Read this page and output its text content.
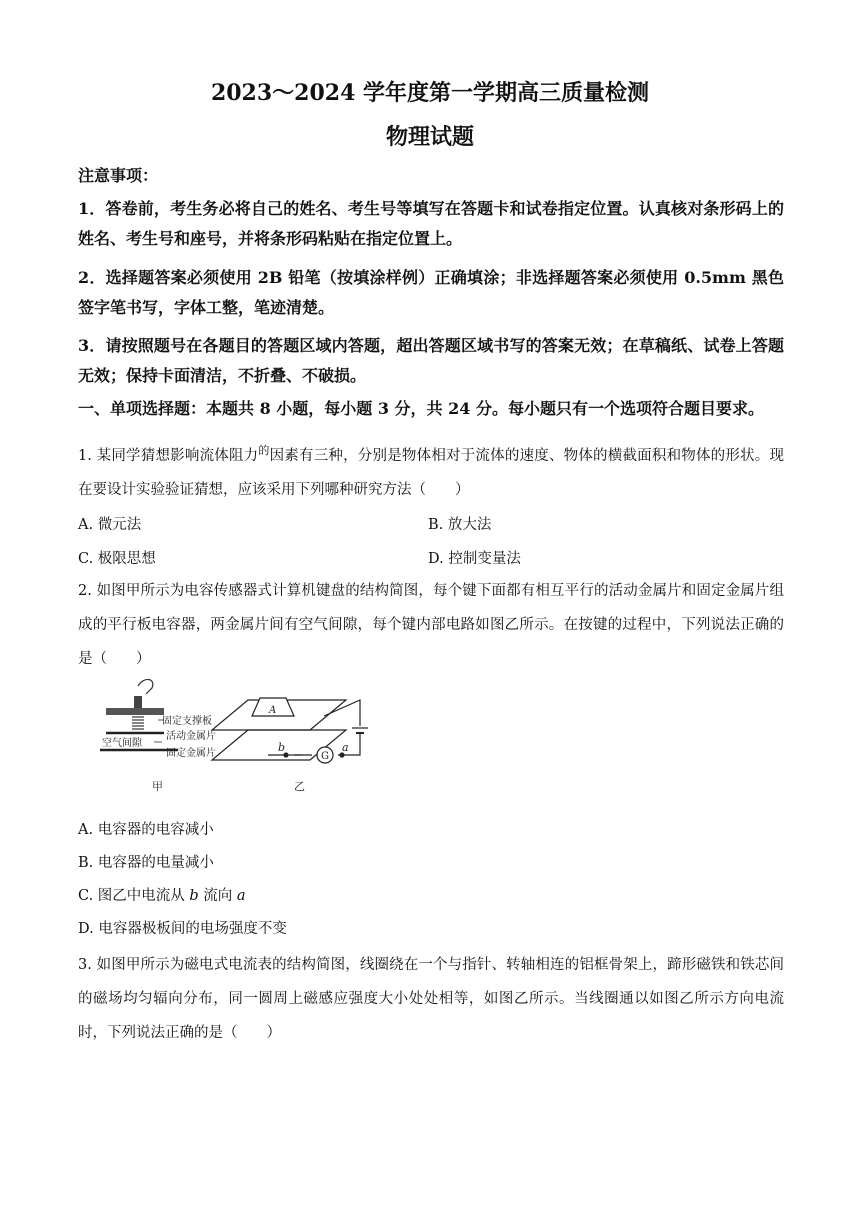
2023～2024 学年度第一学期高三质量检测
物理试题
注意事项：
1．答卷前，考生务必将自己的姓名、考生号等填写在答题卡和试卷指定位置。认真核对条形码上的姓名、考生号和座号，并将条形码粘贴在指定位置上。
2．选择题答案必须使用 2B 铅笔（按填涂样例）正确填涂；非选择题答案必须使用 0.5mm 黑色签字笔书写，字体工整，笔迹清楚。
3．请按照题号在各题目的答题区域内答题，超出答题区域书写的答案无效；在草稿纸、试卷上答题无效；保持卡面清洁，不折叠、不破损。
一、单项选择题：本题共 8 小题，每小题 3 分，共 24 分。每小题只有一个选项符合题目要求。
1. 某同学猜想影响流体阻力$^的$因素有三种，分别是物体相对于流体的速度、物体的横截面积和物体的形状。现在要设计实验验证猜想，应该采用下列哪种研究方法（　　）
A. 微元法	B. 放大法
C. 极限思想	D. 控制变量法
2. 如图甲所示为电容传感器式计算机键盘的结构简图，每个键下面都有相互平行的活动金属片和固定金属片组成的平行板电容器，两金属片间有空气间隙，每个键内部电路如图乙所示。在按键的过程中，下列说法正确的是（　　）
固定支撑板
空气间隙
活动金属片
固定金属片
甲
A
G
b	a
乙
A. 电容器的电容减小
B. 电容器的电量减小
C. 图乙中电流从 b 流向 a
D. 电容器极板间的电场强度不变
3. 如图甲所示为磁电式电流表的结构简图，线圈绕在一个与指针、转轴相连的铝框骨架上，蹄形磁铁和铁芯间的磁场均匀辐向分布，同一圆周上磁感应强度大小处处相等，如图乙所示。当线圈通以如图乙所示方向电流时，下列说法正确的是（　　）
